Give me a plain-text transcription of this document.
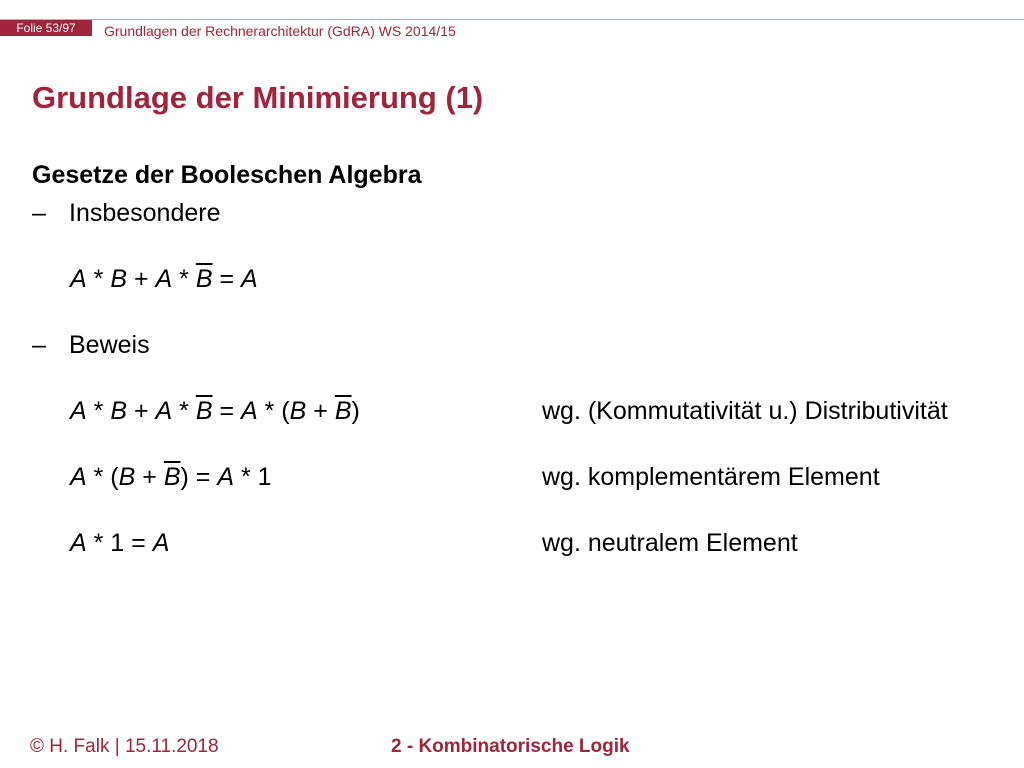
Folie 53/97	Grundlagen der Rechnerarchitektur (GdRA) WS 2014/15
Grundlage der Minimierung (1)
Gesetze der Booleschen Algebra
– Insbesondere
$A * B + A * \overline{B} = A$
– Beweis
$A * B + A * \overline{B} = A * (B + \overline{B})$	wg. (Kommutativität u.) Distributivität
$A * (B + \overline{B}) = A * 1$	wg. komplementärem Element
A * 1 = A	wg. neutralem Element
© H. Falk | 15.11.2018	2 - Kombinatorische Logik
